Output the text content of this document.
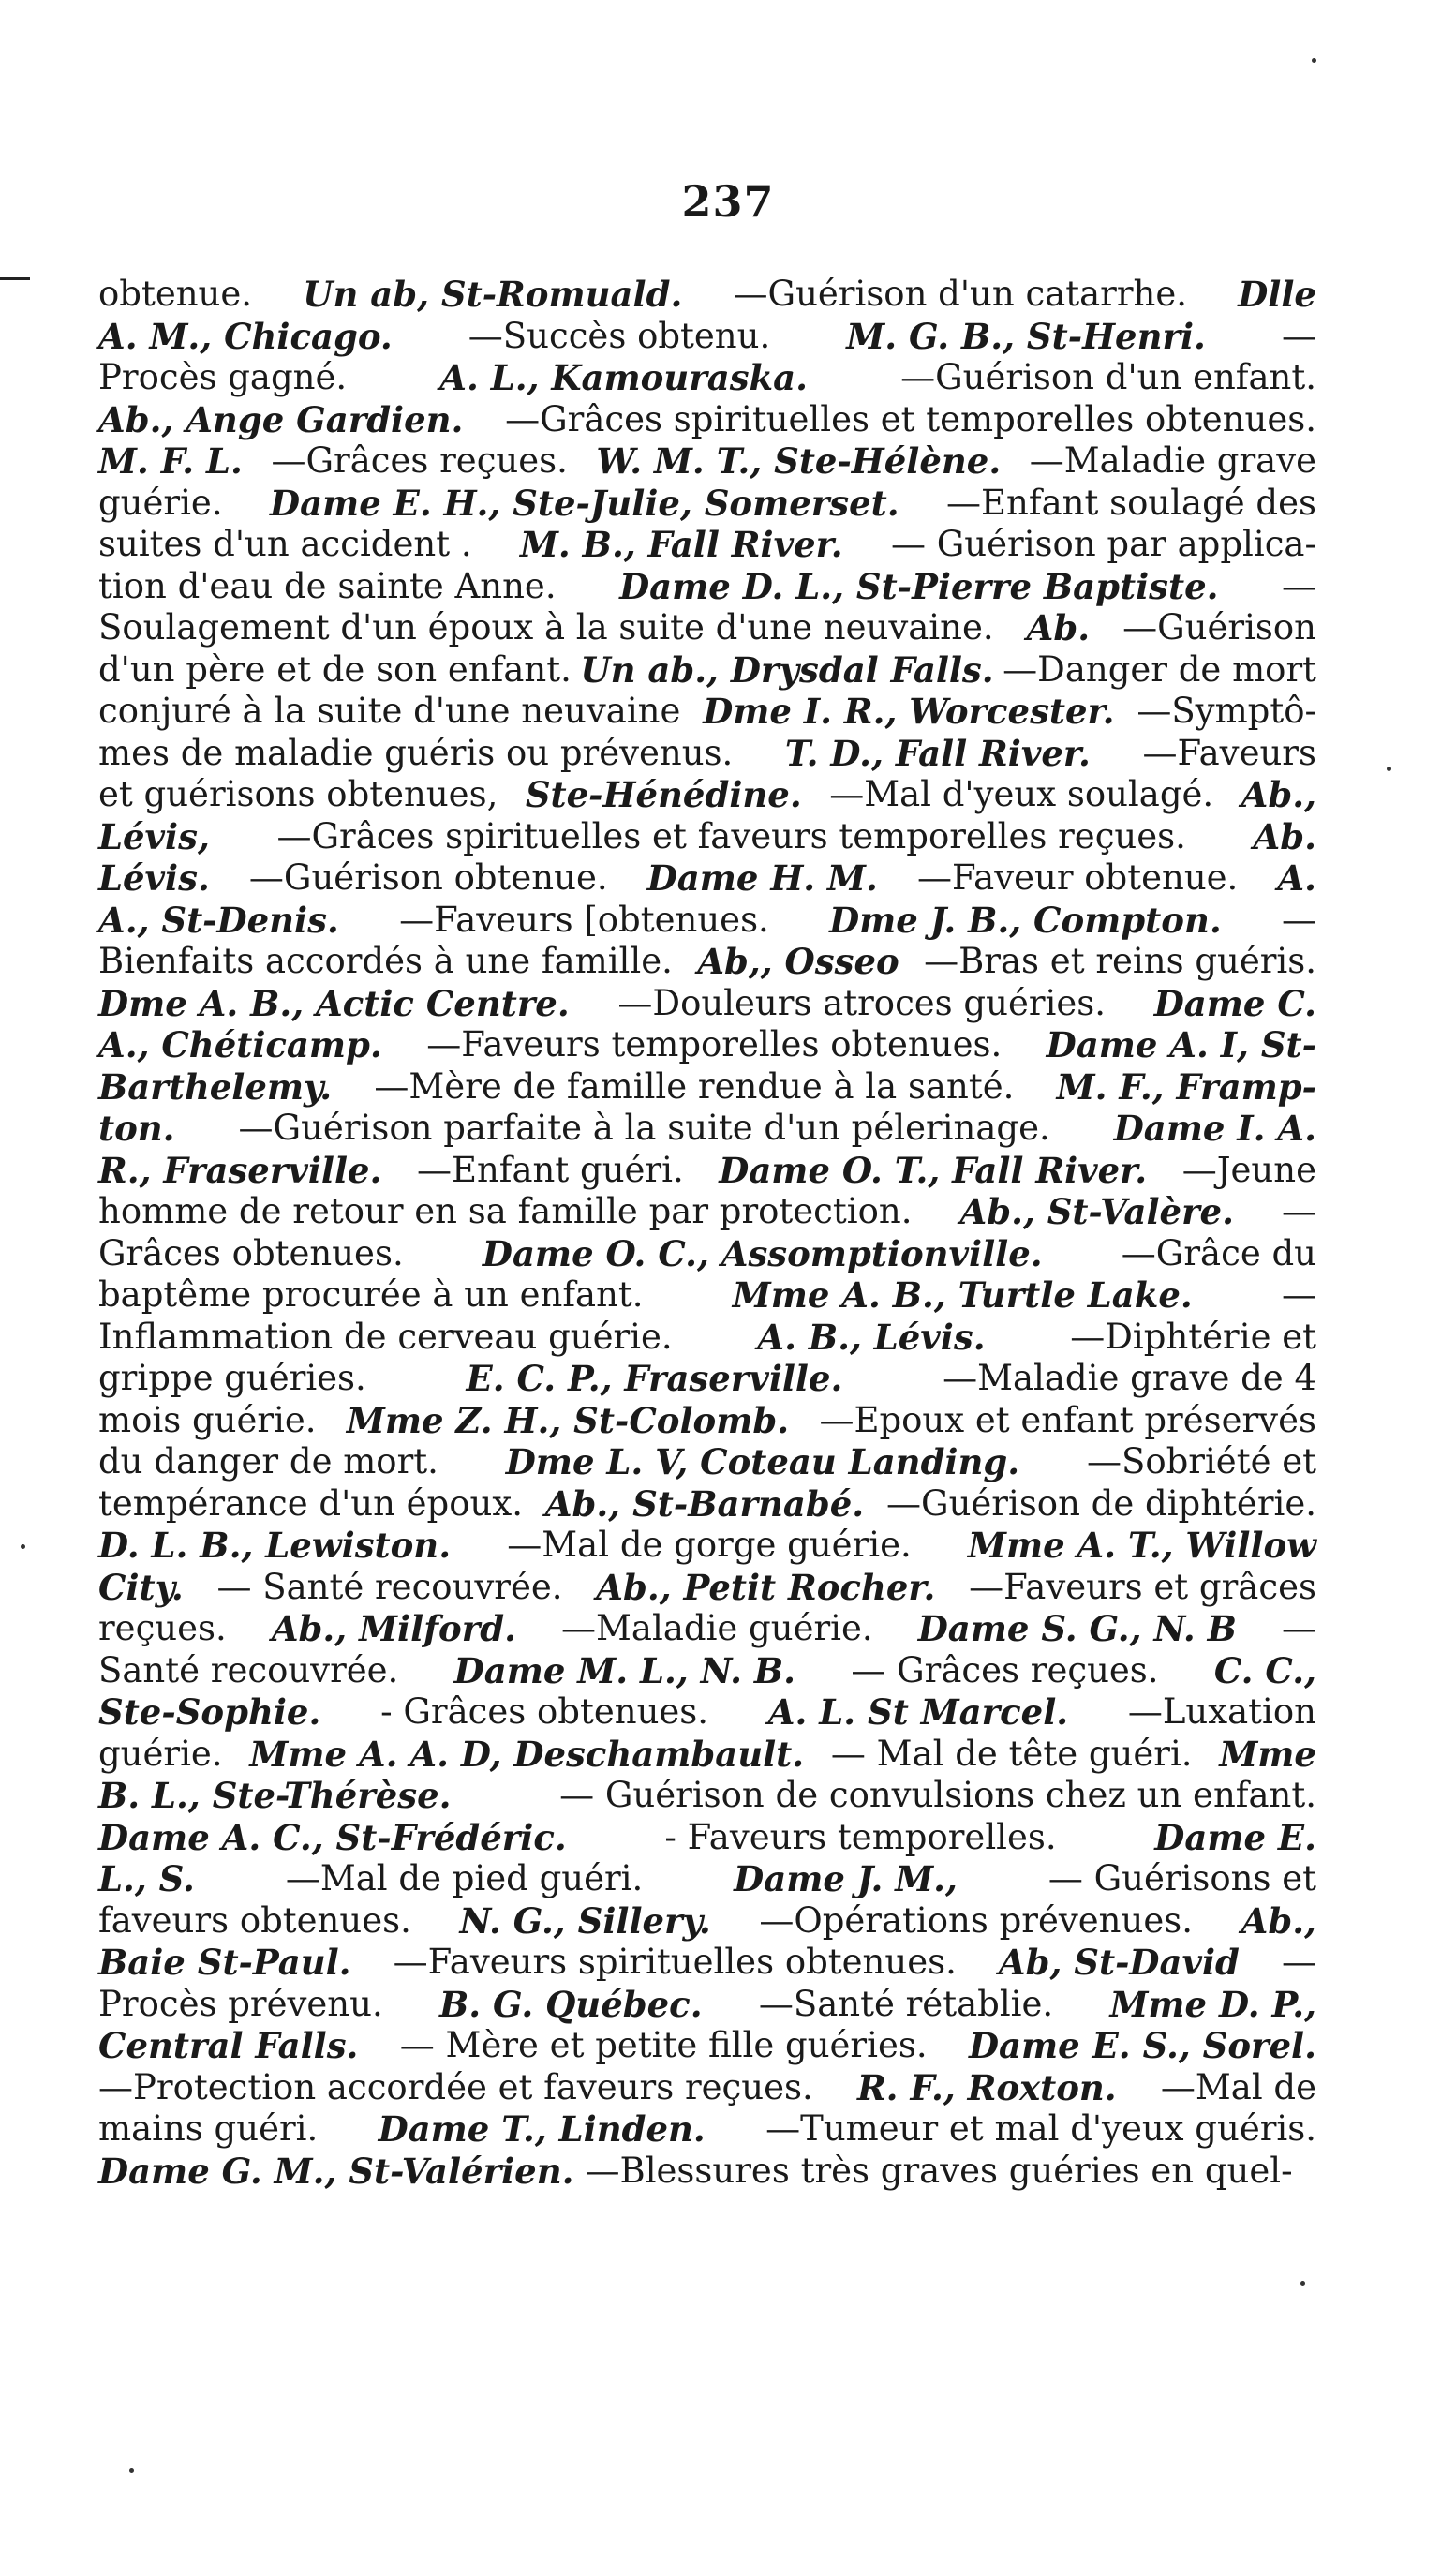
237
obtenue. Un ab, St-Romuald. —Guérison d'un catarrhe. Dlle
A. M., Chicago. —Succès obtenu. M. G. B., St-Henri. —
Procès gagné.	A. L., Kamouraska.	—Guérison d'un enfant.
Ab., Ange Gardien. —Grâces spirituelles et temporelles obtenues.
M. F. L. —Grâces reçues. W. M. T., Ste-Hélène. —Maladie grave
guérie. Dame E. H., Ste-Julie, Somerset. —Enfant soulagé des
suites d'un accident . M. B., Fall River. — Guérison par applica-
tion d'eau de sainte Anne. Dame D. L., St-Pierre Baptiste. —
Soulagement d'un époux à la suite d'une neuvaine. Ab. —Guérison
d'un père et de son enfant. Un ab., Drysdal Falls. —Danger de mort
conjuré à la suite d'une neuvaine Dme I. R., Worcester. —Symptô-
mes de maladie guéris ou prévenus. T. D., Fall River. —Faveurs
et guérisons obtenues, Ste-Hénédine. —Mal d'yeux soulagé. Ab.,
Lévis, —Grâces spirituelles et faveurs temporelles reçues. Ab.
Lévis. —Guérison obtenue. Dame H. M. —Faveur obtenue. A.
A., St-Denis. —Faveurs [obtenues. Dme J. B., Compton. —
Bienfaits accordés à une famille. Ab,, Osseo —Bras et reins guéris.
Dme A. B., Actic Centre. —Douleurs atroces guéries. Dame C.
A., Chéticamp. —Faveurs temporelles obtenues. Dame A. I, St-
Barthelemy. —Mère de famille rendue à la santé. M. F., Framp-
ton. —Guérison parfaite à la suite d'un pélerinage. Dame I. A.
R., Fraserville. —Enfant guéri. Dame O. T., Fall River. —Jeune
homme de retour en sa famille par protection. Ab., St-Valère. —
Grâces obtenues. Dame O. C., Assomptionville. —Grâce du
baptême procurée à un enfant.	Mme A. B., Turtle Lake.	—
Inflammation de cerveau guérie. A. B., Lévis. —Diphtérie et
grippe guéries.	E. C. P., Fraserville.	—Maladie grave de 4
mois guérie. Mme Z. H., St-Colomb. —Epoux et enfant préservés
du danger de mort. Dme L. V, Coteau Landing. —Sobriété et
tempérance d'un époux. Ab., St-Barnabé. —Guérison de diphtérie.
D. L. B., Lewiston. —Mal de gorge guérie. Mme A. T., Willow
City. — Santé recouvrée. Ab., Petit Rocher. —Faveurs et grâces
reçues. Ab., Milford. —Maladie guérie. Dame S. G., N. B —
Santé recouvrée. Dame M. L., N. B. — Grâces reçues. C. C.,
Ste-Sophie. - Grâces obtenues. A. L. St Marcel. —Luxation
guérie. Mme A. A. D, Deschambault. — Mal de tête guéri. Mme
B. L., Ste-Thérèse.	— Guérison de convulsions chez un enfant.
Dame A. C., St-Frédéric.	- Faveurs temporelles.	Dame E.
L., S.	—Mal de pied guéri.	Dame J. M.,	— Guérisons et
faveurs obtenues. N. G., Sillery. —Opérations prévenues. Ab.,
Baie St-Paul. —Faveurs spirituelles obtenues. Ab, St-David —
Procès prévenu. B. G. Québec. —Santé rétablie. Mme D. P.,
Central Falls. — Mère et petite fille guéries. Dame E. S., Sorel.
—Protection accordée et faveurs reçues. R. F., Roxton. —Mal de
mains guéri. Dame T., Linden. —Tumeur et mal d'yeux guéris.
Dame G. M., St-Valérien. —Blessures très graves guéries en quel-
